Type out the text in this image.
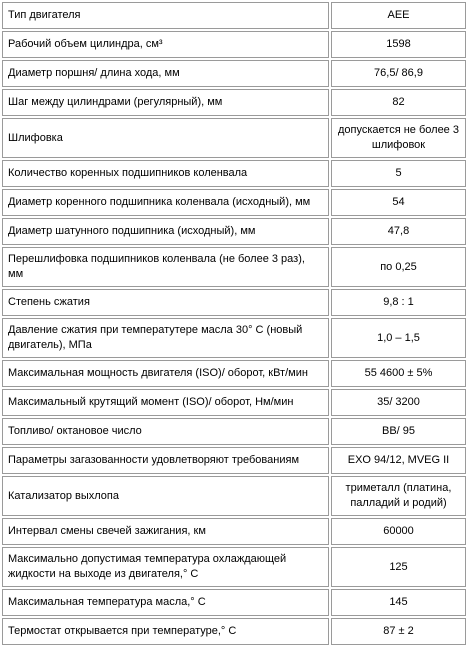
Тип двигателя	AEE
Рабочий объем цилиндра, см³	1598
Диаметр поршня/ длина хода, мм	76,5/ 86,9
Шаг между цилиндрами (регулярный), мм	82
Шлифовка	допускается не более 3 шлифовок
Количество коренных подшипников коленвала	5
Диаметр коренного подшипника коленвала (исходный), мм	54
Диаметр шатунного подшипника (исходный), мм	47,8
Перешлифовка подшипников коленвала (не более 3 раз), мм	по 0,25
Степень сжатия	9,8 : 1
Давление сжатия при температутере масла 30° С (новый двигатель), МПа	1,0 – 1,5
Максимальная мощность двигателя (ISO)/ оборот, кВт/мин	55 4600 ± 5%
Максимальный крутящий момент (ISO)/ оборот, Нм/мин	35/ 3200
Топливо/ октановое число	BB/ 95
Параметры загазованности удовлетворяют требованиям	EXO 94/12, MVEG II
Катализатор выхлопа	триметалл (платина, палладий и родий)
Интервал смены свечей зажигания, км	60000
Максимально допустимая температура охлаждающей жидкости на выходе из двигателя,° С	125
Максимальная температура масла,° С	145
Термостат открывается при температуре,° С	87 ± 2
